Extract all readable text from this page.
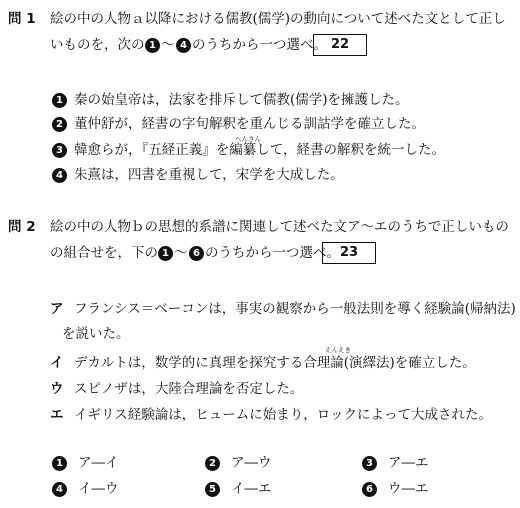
問 1 絵の中の人物ａ以降における儒教(儒学)の動向について述べた文として正し
いものを，次の 1 〜 4 のうちから一つ選べ。 22
1 秦の始皇帝は，法家を排斥して儒教(儒学)を擁護した。
2 董仲舒が，経書の字句解釈を重んじる訓詁学を確立した。
へんさん
3 韓愈らが，『五経正義』を編纂して，経書の解釈を統一した。
4 朱熹は，四書を重視して，宋学を大成した。
問 2 絵の中の人物ｂの思想的系譜に関連して述べた文ア〜エのうちで正しいもの
の組合せを，下の 1 〜 6 のうちから一つ選べ。 23
ア フランシス＝ベーコンは，事実の観察から一般法則を導く経験論(帰納法)
を説いた。
えんえき
イ デカルトは，数学的に真理を探究する合理論(演繹法)を確立した。
ウ スピノザは，大陸合理論を否定した。
エ イギリス経験論は，ヒュームに始まり，ロックによって大成された。
1 ア―イ	2 ア―ウ	3 ア―エ
4 イ―ウ	5 イ―エ	6 ウ―エ
